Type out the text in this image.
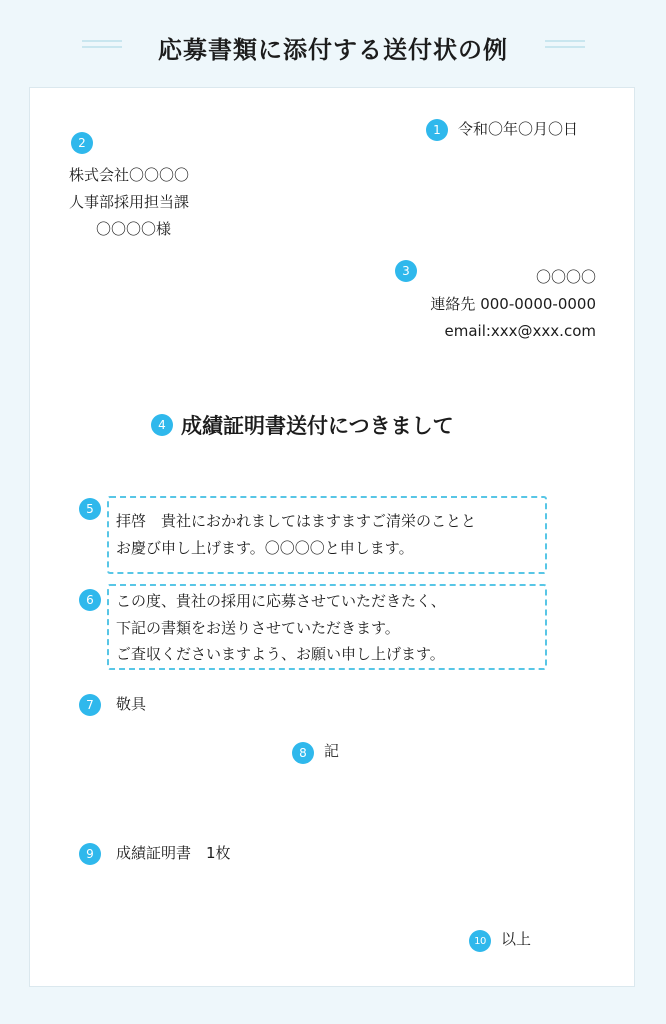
応募書類に添付する送付状の例
1	令和〇年〇月〇日
2
株式会社〇〇〇〇
人事部採用担当課
〇〇〇〇様
3	〇〇〇〇
連絡先 000-0000-0000
email:xxx@xxx.com
4 成績証明書送付につきまして
5
拝啓　貴社におかれましてはますますご清栄のことと
お慶び申し上げます。〇〇〇〇と申します。
6	この度、貴社の採用に応募させていただきたく、
下記の書類をお送りさせていただきます。
ご査収くださいますよう、お願い申し上げます。
7	敬具
8	記
9	成績証明書　1枚
10	以上
